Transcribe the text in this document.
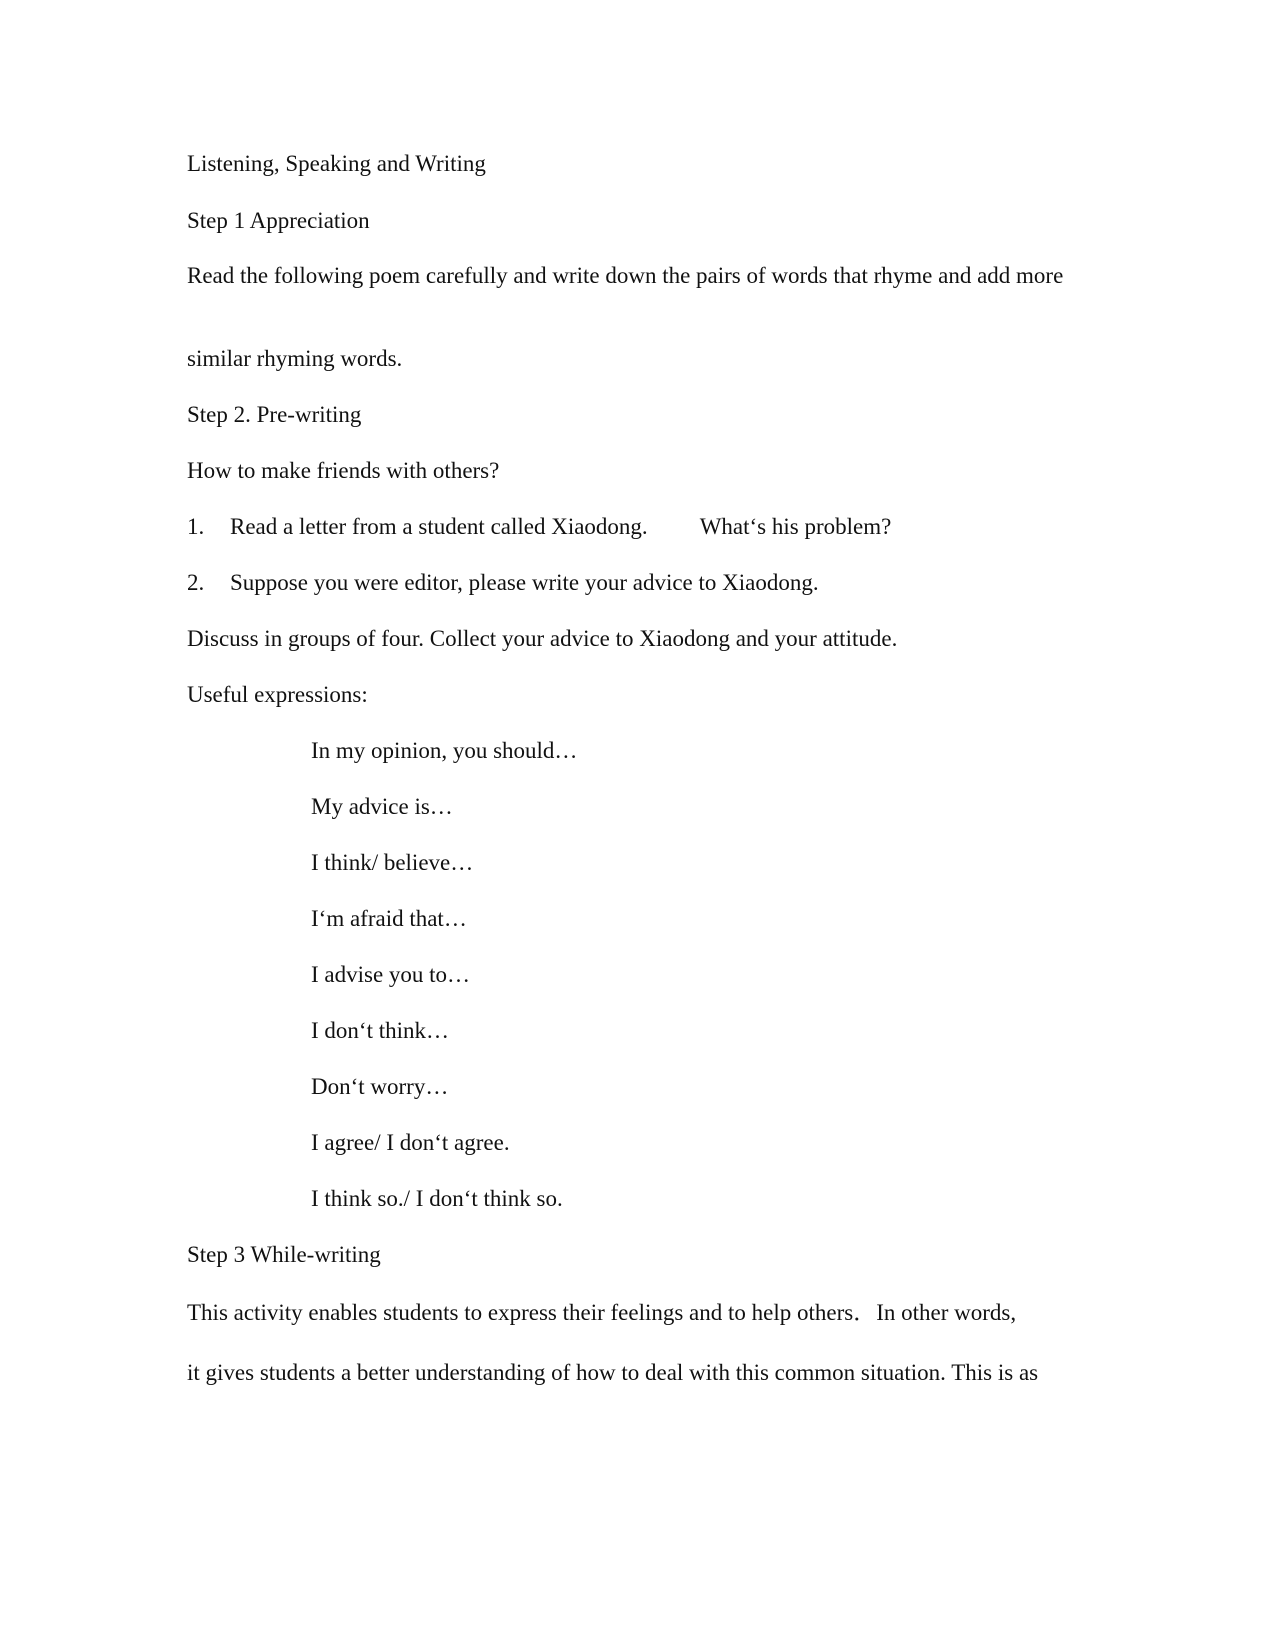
Listening, Speaking and Writing
Step 1 Appreciation
Read the following poem carefully and write down the pairs of words that rhyme and add more
similar rhyming words.
Step 2. Pre-writing
How to make friends with others?
1. Read a letter from a student called Xiaodong. What‘s his problem?
2. Suppose you were editor, please write your advice to Xiaodong.
Discuss in groups of four. Collect your advice to Xiaodong and your attitude.
Useful expressions:
In my opinion, you should…
My advice is…
I think/ believe…
I‘m afraid that…
I advise you to…
I don‘t think…
Don‘t worry…
I agree/ I don‘t agree.
I think so./ I don‘t think so.
Step 3 While-writing
This activity enables students to express their feelings and to help others．In other words,
it gives students a better understanding of how to deal with this common situation. This is as
